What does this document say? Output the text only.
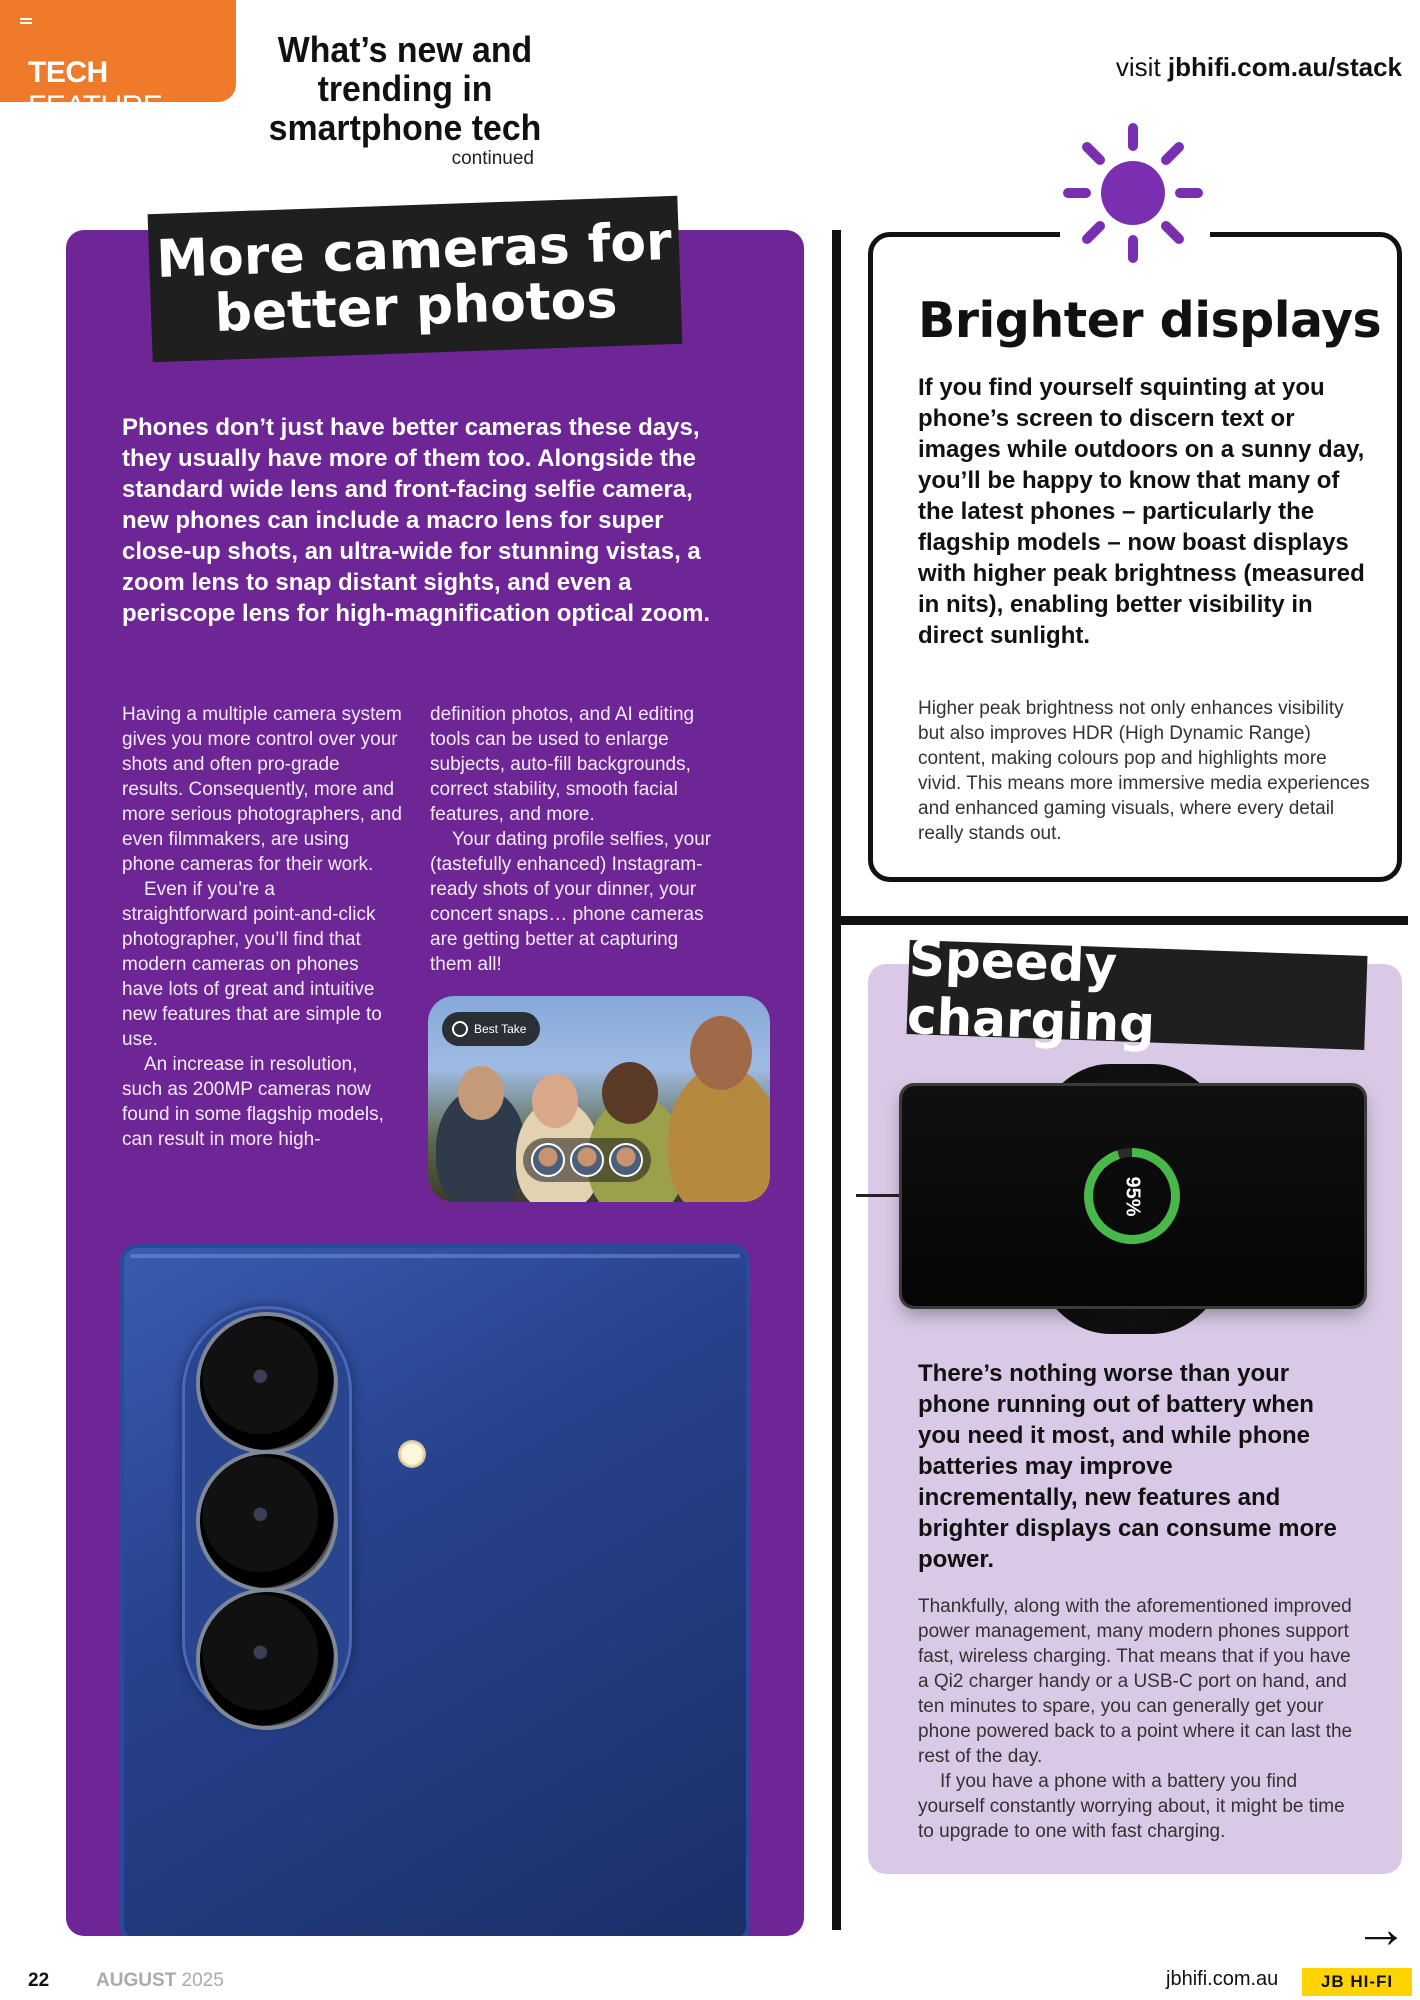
TECH FEATURE
What’s new and trending in smartphone tech
continued
visit jbhifi.com.au/stack
Phones don’t just have better cameras these days, they usually have more of them too. Alongside the standard wide lens and front-facing selfie camera, new phones can include a macro lens for super close-up shots, an ultra-wide for stunning vistas, a zoom lens to snap distant sights, and even a periscope lens for high-magnification optical zoom.

Having a multiple camera system gives you more control over your shots and often pro-grade results. Consequently, more and more serious photographers, and even filmmakers, are using phone cameras for their work.

Even if you’re a straightforward point-and-click photographer, you’ll find that modern cameras on phones have lots of great and intuitive new features that are simple to use.

An increase in resolution, such as 200MP cameras now found in some flagship models, can result in more high-

definition photos, and AI editing tools can be used to enlarge subjects, auto-fill backgrounds, correct stability, smooth facial features, and more.

Your dating profile selfies, your (tastefully enhanced) Instagram-ready shots of your dinner, your concert snaps… phone cameras are getting better at capturing them all!

Best Take
More cameras for better photos	Brighter displays
If you find yourself squinting at you phone’s screen to discern text or images while outdoors on a sunny day, you’ll be happy to know that many of the latest phones – particularly the flagship models – now boast displays with higher peak brightness (measured in nits), enabling better visibility in direct sunlight.
Higher peak brightness not only enhances visibility but also improves HDR (High Dynamic Range) content, making colours pop and highlights more vivid. This means more immersive media experiences and enhanced gaming visuals, where every detail really stands out.
Speedy charging
95%
There’s nothing worse than your phone running out of battery when you need it most, and while phone batteries may improve incrementally, new features and brighter displays can consume more power.

Thankfully, along with the aforementioned improved power management, many modern phones support fast, wireless charging. That means that if you have a Qi2 charger handy or a USB-C port on hand, and ten minutes to spare, you can generally get your phone powered back to a point where it can last the rest of the day.

If you have a phone with a battery you find yourself constantly worrying about, it might be time to upgrade to one with fast charging.

→
22 AUGUST 2025	jbhifi.com.au	JB HI-FI
